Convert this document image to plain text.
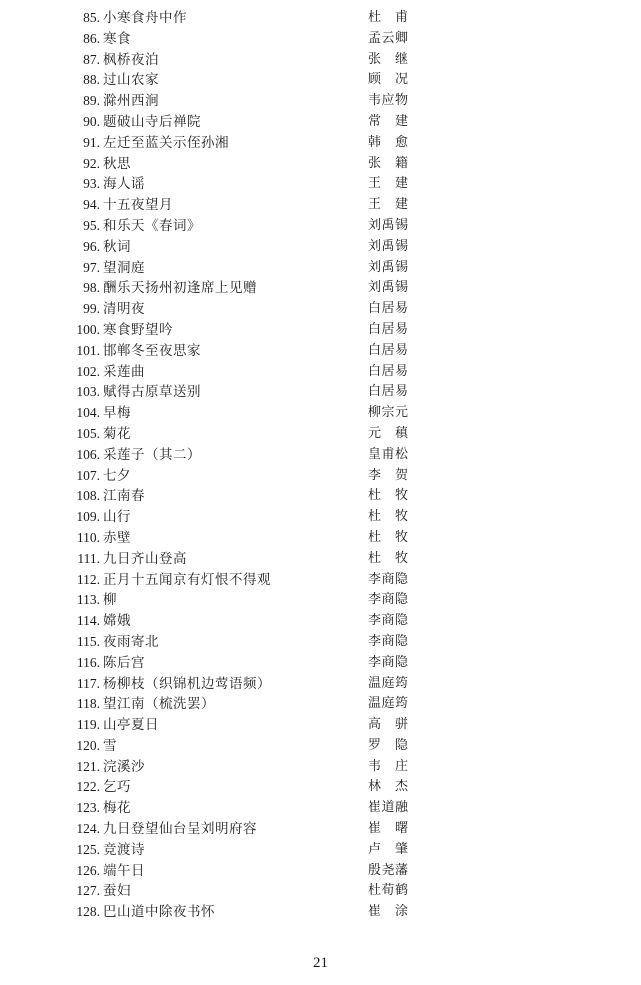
85. 小寒食舟中作	杜 甫
86. 寒食	孟云卿
87. 枫桥夜泊	张 继
88. 过山农家	顾 况
89. 滁州西涧	韦应物
90. 题破山寺后禅院	常 建
91. 左迁至蓝关示侄孙湘	韩 愈
92. 秋思	张 籍
93. 海人谣	王 建
94. 十五夜望月	王 建
95. 和乐天《春词》	刘禹锡
96. 秋词	刘禹锡
97. 望洞庭	刘禹锡
98. 酬乐天扬州初逢席上见赠	刘禹锡
99. 清明夜	白居易
100. 寒食野望吟	白居易
101. 邯郸冬至夜思家	白居易
102. 采莲曲	白居易
103. 赋得古原草送别	白居易
104. 早梅	柳宗元
105. 菊花	元 稹
106. 采莲子（其二）	皇甫松
107. 七夕	李 贺
108. 江南春	杜 牧
109. 山行	杜 牧
110. 赤壁	杜 牧
111. 九日齐山登高	杜 牧
112. 正月十五闻京有灯恨不得观	李商隐
113. 柳	李商隐
114. 嫦娥	李商隐
115. 夜雨寄北	李商隐
116. 陈后宫	李商隐
117. 杨柳枝（织锦机边莺语频）	温庭筠
118. 望江南（梳洗罢）	温庭筠
119. 山亭夏日	高 骈
120. 雪	罗 隐
121. 浣溪沙	韦 庄
122. 乞巧	林 杰
123. 梅花	崔道融
124. 九日登望仙台呈刘明府容	崔 曙
125. 竞渡诗	卢 肇
126. 端午日	殷尧藩
127. 蚕妇	杜荀鹤
128. 巴山道中除夜书怀	崔 涂
21
